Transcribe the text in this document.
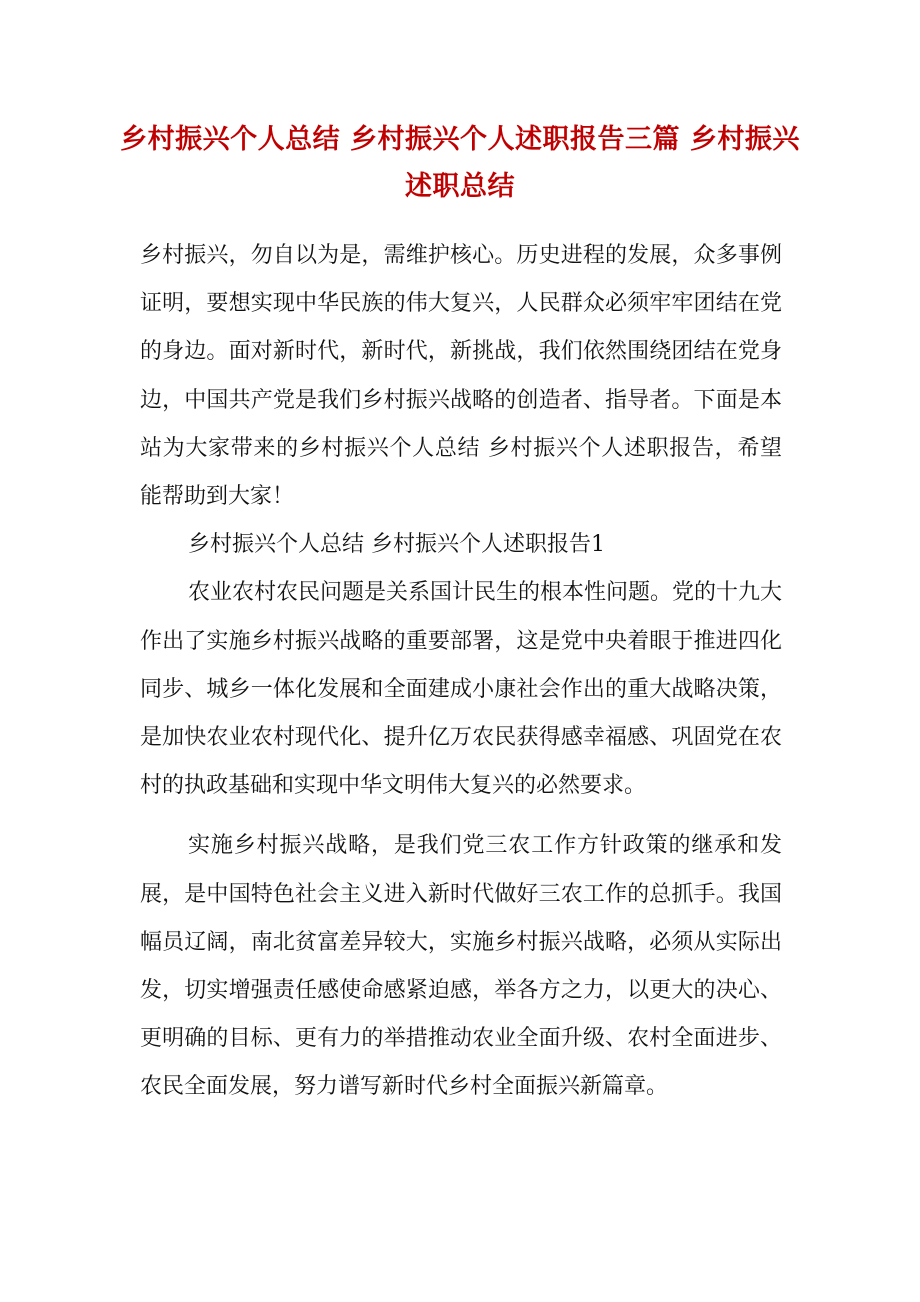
乡村振兴个人总结 乡村振兴个人述职报告三篇 乡村振兴述职总结

乡村振兴，勿自以为是，需维护核心。历史进程的发展，众多事例证明，要想实现中华民族的伟大复兴，人民群众必须牢牢团结在党的身边。面对新时代，新时代，新挑战，我们依然围绕团结在党身边，中国共产党是我们乡村振兴战略的创造者、指导者。下面是本站为大家带来的乡村振兴个人总结 乡村振兴个人述职报告，希望能帮助到大家！

乡村振兴个人总结 乡村振兴个人述职报告1

农业农村农民问题是关系国计民生的根本性问题。党的十九大作出了实施乡村振兴战略的重要部署，这是党中央着眼于推进四化同步、城乡一体化发展和全面建成小康社会作出的重大战略决策，是加快农业农村现代化、提升亿万农民获得感幸福感、巩固党在农村的执政基础和实现中华文明伟大复兴的必然要求。

实施乡村振兴战略，是我们党三农工作方针政策的继承和发展，是中国特色社会主义进入新时代做好三农工作的总抓手。我国幅员辽阔，南北贫富差异较大，实施乡村振兴战略，必须从实际出发，切实增强责任感使命感紧迫感，举各方之力，以更大的决心、更明确的目标、更有力的举措推动农业全面升级、农村全面进步、农民全面发展，努力谱写新时代乡村全面振兴新篇章。
